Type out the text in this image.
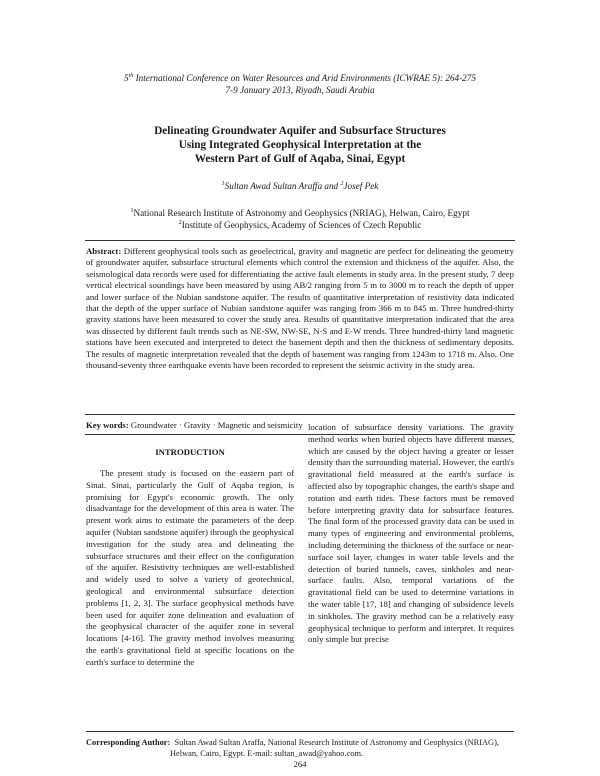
5th International Conference on Water Resources and Arid Environments (ICWRAE 5): 264-275
7-9 January 2013, Riyadh, Saudi Arabia
Delineating Groundwater Aquifer and Subsurface Structures
Using Integrated Geophysical Interpretation at the
Western Part of Gulf of Aqaba, Sinai, Egypt
$^1$Sultan Awad Sultan Araffa and $^2$Josef Pek
$^1$National Research Institute of Astronomy and Geophysics (NRIAG), Helwan, Cairo, Egypt
$^2$Institute of Geophysics, Academy of Sciences of Czech Republic
Abstract: Different geophysical tools such as geoelectrical, gravity and magnetic are perfect for delineating the geometry of groundwater aquifer, subsurface structural elements which control the extension and thickness of the aquifer. Also, the seismological data records were used for differentiating the active fault elements in study area. In the present study, 7 deep vertical electrical soundings have been measured by using AB/2 ranging from 5 m to 3000 m to reach the depth of upper and lower surface of the Nubian sandstone aquifer. The results of quantitative interpretation of resistivity data indicated that the depth of the upper surface of Nubian sandstone aquifer was ranging from 366 m to 845 m. Three hundred-thirty gravity stations have been measured to cover the study area. Results of quantitative interpretation indicated that the area was dissected by different fault trends such as NE-SW, NW-SE, N-S and E-W trends. Three hundred-thirty land magnetic stations have been executed and interpreted to detect the basement depth and then the thickness of sedimentary deposits. The results of magnetic interpretation revealed that the depth of basement was ranging from 1243m to 1718 m. Also, One thousand-seventy three earthquake events have been recorded to represent the seismic activity in the study area.
Key words: Groundwater · Gravity · Magnetic and seismicity
INTRODUCTION

The present study is focused on the eastern part of Sinai. Sinai, particularly the Gulf of Aqaba region, is promising for Egypt's economic growth. The only disadvantage for the development of this area is water. The present work aims to estimate the parameters of the deep aquifer (Nubian sandstone aquifer) through the geophysical investigation for the study area and delineating the subsurface structures and their effect on the configuration of the aquifer. Resistivity techniques are well-established and widely used to solve a variety of geotechnical, geological and environmental subsurface detection problems [1, 2, 3]. The surface geophysical methods have been used for aquifer zone delineation and evaluation of the geophysical character of the aquifer zone in several locations [4-16]. The gravity method involves measuring the earth's gravitational field at specific locations on the earth's surface to determine the

location of subsurface density variations. The gravity method works when buried objects have different masses, which are caused by the object having a greater or lesser density than the surrounding material. However, the earth's gravitational field measured at the earth's surface is affected also by topographic changes, the earth's shape and rotation and earth tides. These factors must be removed before interpreting gravity data for subsurface features. The final form of the processed gravity data can be used in many types of engineering and environmental problems, including determining the thickness of the surface or near-surface soil layer, changes in water table levels and the detection of buried tunnels, caves, sinkholes and near-surface faults. Also, temporal variations of the gravitational field can be used to determine variations in the water table [17, 18] and changing of subsidence levels in sinkholes. The gravity method can be a relatively easy geophysical technique to perform and interpret. It requires only simple but precise

Corresponding Author: Sultan Awad Sultan Araffa, National Research Institute of Astronomy and Geophysics (NRIAG),
Helwan, Cairo, Egypt. E-mail: sultan_awad@yahoo.com.
264
